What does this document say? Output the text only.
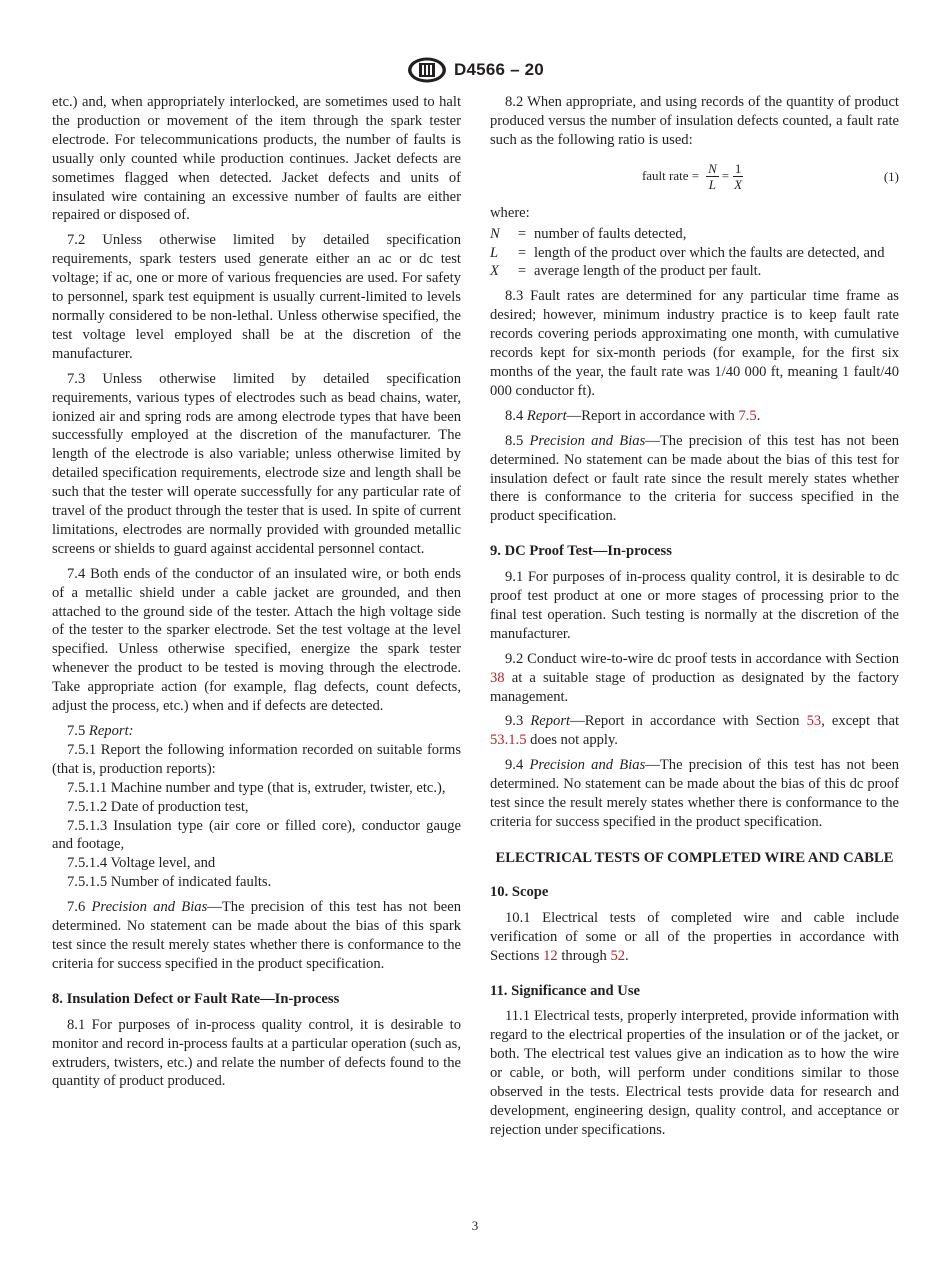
D4566 – 20

etc.) and, when appropriately interlocked, are sometimes used to halt the production or movement of the item through the spark tester electrode. For telecommunications products, the number of faults is usually only counted while production continues. Jacket defects are sometimes flagged when detected. Jacket defects and units of insulated wire containing an excessive number of faults are either repaired or disposed of.

7.2 Unless otherwise limited by detailed specification requirements, spark testers used generate either an ac or dc test voltage; if ac, one or more of various frequencies are used. For safety to personnel, spark test equipment is usually current-limited to levels normally considered to be non-lethal. Unless otherwise specified, the test voltage level employed shall be at the discretion of the manufacturer.

7.3 Unless otherwise limited by detailed specification requirements, various types of electrodes such as bead chains, water, ionized air and spring rods are among electrode types that have been successfully employed at the discretion of the manufacturer. The length of the electrode is also variable; unless otherwise limited by detailed specification requirements, electrode size and length shall be such that the tester will operate successfully for any particular rate of travel of the product through the tester that is used. In spite of current limitations, electrodes are normally provided with grounded metallic screens or shields to guard against accidental personnel contact.

7.4 Both ends of the conductor of an insulated wire, or both ends of a metallic shield under a cable jacket are grounded, and then attached to the ground side of the tester. Attach the high voltage side of the tester to the sparker electrode. Set the test voltage at the level specified. Unless otherwise specified, energize the spark tester whenever the product to be tested is moving through the electrode. Take appropriate action (for example, flag defects, count defects, adjust the process, etc.) when and if defects are detected.

7.5 Report:

7.5.1 Report the following information recorded on suitable forms (that is, production reports):

7.5.1.1 Machine number and type (that is, extruder, twister, etc.),

7.5.1.2 Date of production test,

7.5.1.3 Insulation type (air core or filled core), conductor gauge and footage,

7.5.1.4 Voltage level, and

7.5.1.5 Number of indicated faults.

7.6 Precision and Bias—The precision of this test has not been determined. No statement can be made about the bias of this spark test since the result merely states whether there is conformance to the criteria for success specified in the product specification.

8. Insulation Defect or Fault Rate—In-process

8.1 For purposes of in-process quality control, it is desirable to monitor and record in-process faults at a particular operation (such as, extruders, twisters, etc.) and relate the number of defects found to the quantity of product produced.

8.2 When appropriate, and using records of the quantity of product produced versus the number of insulation defects counted, a fault rate such as the following ratio is used:

fault rate = $\frac{N}{L} = \frac{1}{X}$	(1)

where:

N	= number of faults detected,
L	= length of the product over which the faults are detected, and
X	= average length of the product per fault.

8.3 Fault rates are determined for any particular time frame as desired; however, minimum industry practice is to keep fault rate records covering periods approximating one month, with cumulative records kept for six-month periods (for example, for the first six months of the year, the fault rate was 1/40 000 ft, meaning 1 fault/40 000 conductor ft).

8.4 Report—Report in accordance with 7.5.

8.5 Precision and Bias—The precision of this test has not been determined. No statement can be made about the bias of this test for insulation defect or fault rate since the result merely states whether there is conformance to the criteria for success specified in the product specification.

9. DC Proof Test—In-process

9.1 For purposes of in-process quality control, it is desirable to dc proof test product at one or more stages of processing prior to the final test operation. Such testing is normally at the discretion of the manufacturer.

9.2 Conduct wire-to-wire dc proof tests in accordance with Section 38 at a suitable stage of production as designated by the factory management.

9.3 Report—Report in accordance with Section 53, except that 53.1.5 does not apply.

9.4 Precision and Bias—The precision of this test has not been determined. No statement can be made about the bias of this dc proof test since the result merely states whether there is conformance to the criteria for success specified in the product specification.

ELECTRICAL TESTS OF COMPLETED WIRE AND CABLE

10. Scope

10.1 Electrical tests of completed wire and cable include verification of some or all of the properties in accordance with Sections 12 through 52.

11. Significance and Use

11.1 Electrical tests, properly interpreted, provide information with regard to the electrical properties of the insulation or of the jacket, or both. The electrical test values give an indication as to how the wire or cable, or both, will perform under conditions similar to those observed in the tests. Electrical tests provide data for research and development, engineering design, quality control, and acceptance or rejection under specifications.

3
